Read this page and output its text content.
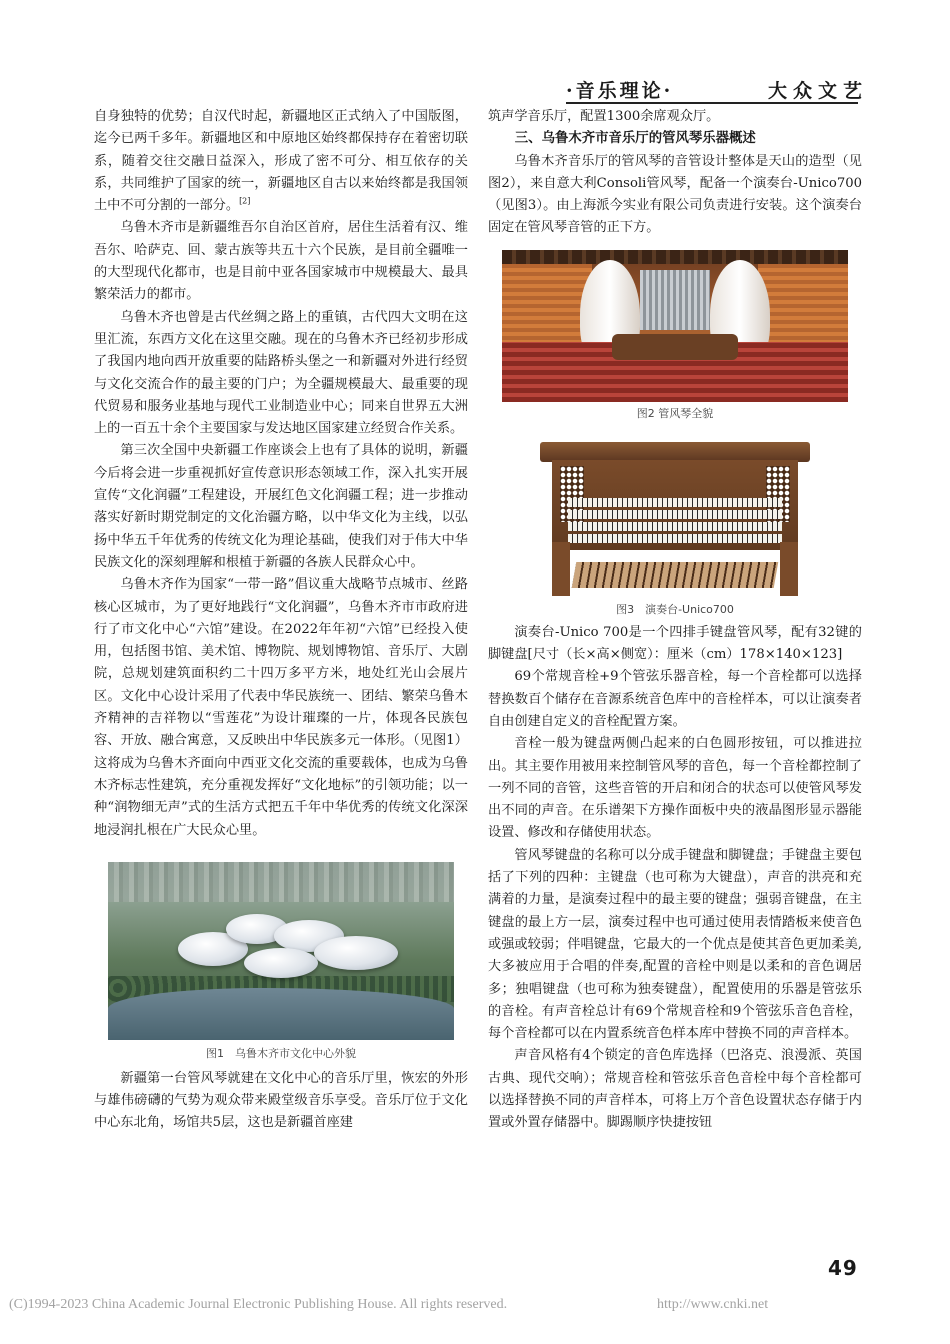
·音乐理论·	大众文艺

自身独特的优势；自汉代时起，新疆地区正式纳入了中国版图，迄今已两千多年。新疆地区和中原地区始终都保持存在着密切联系，随着交往交融日益深入，形成了密不可分、相互依存的关系，共同维护了国家的统一，新疆地区自古以来始终都是我国领土中不可分割的一部分。[2]

乌鲁木齐市是新疆维吾尔自治区首府，居住生活着有汉、维吾尔、哈萨克、回、蒙古族等共五十六个民族，是目前全疆唯一的大型现代化都市，也是目前中亚各国家城市中规模最大、最具繁荣活力的都市。

乌鲁木齐也曾是古代丝绸之路上的重镇，古代四大文明在这里汇流，东西方文化在这里交融。现在的乌鲁木齐已经初步形成了我国内地向西开放重要的陆路桥头堡之一和新疆对外进行经贸与文化交流合作的最主要的门户；为全疆规模最大、最重要的现代贸易和服务业基地与现代工业制造业中心；同来自世界五大洲上的一百五十余个主要国家与发达地区国家建立经贸合作关系。

第三次全国中央新疆工作座谈会上也有了具体的说明，新疆今后将会进一步重视抓好宣传意识形态领域工作，深入扎实开展宣传“文化润疆”工程建设，开展红色文化润疆工程；进一步推动落实好新时期党制定的文化治疆方略，以中华文化为主线，以弘扬中华五千年优秀的传统文化为理论基础，使我们对于伟大中华民族文化的深刻理解和根植于新疆的各族人民群众心中。

乌鲁木齐作为国家“一带一路”倡议重大战略节点城市、丝路核心区城市，为了更好地践行“文化润疆”，乌鲁木齐市市政府进行了市文化中心“六馆”建设。在2022年年初“六馆”已经投入使用，包括图书馆、美术馆、博物院、规划博物馆、音乐厅、大剧院，总规划建筑面积约二十四万多平方米，地处红光山会展片区。文化中心设计采用了代表中华民族统一、团结、繁荣乌鲁木齐精神的吉祥物以“雪莲花”为设计璀璨的一片，体现各民族包容、开放、融合寓意，又反映出中华民族多元一体形。（见图1）这将成为乌鲁木齐面向中西亚文化交流的重要载体，也成为乌鲁木齐标志性建筑，充分重视发挥好“文化地标”的引领功能；以一种“润物细无声”式的生活方式把五千年中华优秀的传统文化深深地浸润扎根在广大民众心里。

图1　乌鲁木齐市文化中心外貌

新疆第一台管风琴就建在文化中心的音乐厅里，恢宏的外形与雄伟磅礴的气势为观众带来殿堂级音乐享受。音乐厅位于文化中心东北角，场馆共5层，这也是新疆首座建

筑声学音乐厅，配置1300余席观众厅。

三、乌鲁木齐市音乐厅的管风琴乐器概述

乌鲁木齐音乐厅的管风琴的音管设计整体是天山的造型（见图2），来自意大利Consoli管风琴，配备一个演奏台-Unico700（见图3）。由上海派今实业有限公司负责进行安装。这个演奏台固定在管风琴音管的正下方。

图2 管风琴全貌
图3　演奏台-Unico700

演奏台-Unico 700是一个四排手键盘管风琴，配有32键的脚键盘[尺寸（长×高×侧宽）：厘米（cm）178×140×123]

69个常规音栓+9个管弦乐器音栓，每一个音栓都可以选择替换数百个储存在音源系统音色库中的音栓样本，可以让演奏者自由创建自定义的音栓配置方案。

音栓一般为键盘两侧凸起来的白色圆形按钮，可以推进拉出。其主要作用被用来控制管风琴的音色，每一个音栓都控制了一列不同的音管，这些音管的开启和闭合的状态可以使管风琴发出不同的声音。在乐谱架下方操作面板中央的液晶图形显示器能设置、修改和存储使用状态。

管风琴键盘的名称可以分成手键盘和脚键盘；手键盘主要包括了下列的四种：主键盘（也可称为大键盘），声音的洪亮和充满着的力量，是演奏过程中的最主要的键盘；强弱音键盘，在主键盘的最上方一层，演奏过程中也可通过使用表情踏板来使音色或强或较弱；伴唱键盘，它最大的一个优点是使其音色更加柔美,大多被应用于合唱的伴奏,配置的音栓中则是以柔和的音色调居多；独唱键盘（也可称为独奏键盘），配置使用的乐器是管弦乐的音栓。有声音栓总计有69个常规音栓和9个管弦乐音色音栓，每个音栓都可以在内置系统音色样本库中替换不同的声音样本。

声音风格有4个锁定的音色库选择（巴洛克、浪漫派、英国古典、现代交响）；常规音栓和管弦乐音色音栓中每个音栓都可以选择替换不同的声音样本，可将上万个音色设置状态存储于内置或外置存储器中。脚踢顺序快捷按钮

49
(C)1994-2023 China Academic Journal Electronic Publishing House. All rights reserved.	http://www.cnki.net
